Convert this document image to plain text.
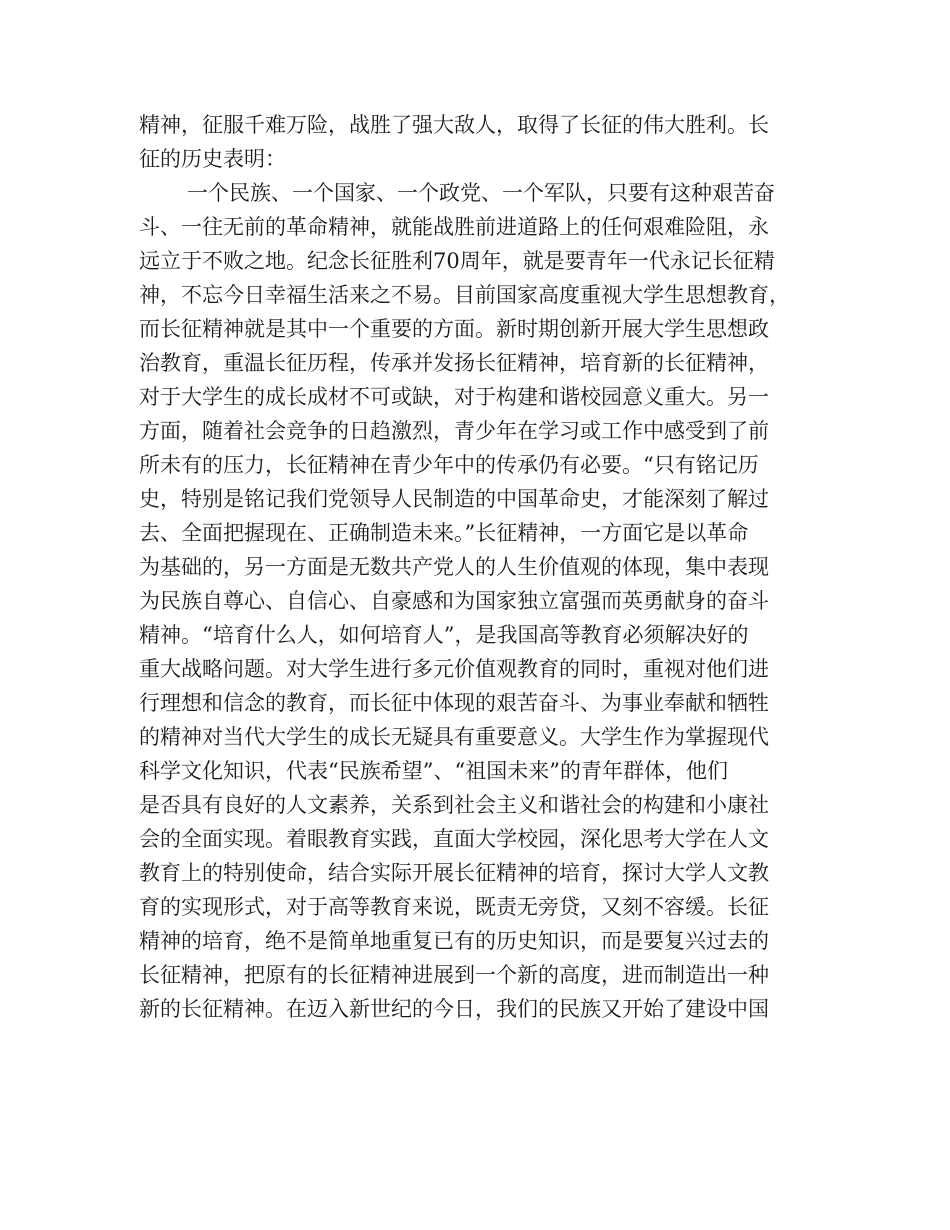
精神，征服千难万险，战胜了强大敌人，取得了长征的伟大胜利。长
征的历史表明：
一个民族、一个国家、一个政党、一个军队，只要有这种艰苦奋
斗、一往无前的革命精神，就能战胜前进道路上的任何艰难险阻，永
远立于不败之地。纪念长征胜利70周年，就是要青年一代永记长征精
神，不忘今日幸福生活来之不易。目前国家高度重视大学生思想教育，
而长征精神就是其中一个重要的方面。新时期创新开展大学生思想政
治教育，重温长征历程，传承并发扬长征精神，培育新的长征精神，
对于大学生的成长成材不可或缺，对于构建和谐校园意义重大。另一
方面，随着社会竞争的日趋激烈，青少年在学习或工作中感受到了前
所未有的压力，长征精神在青少年中的传承仍有必要。“只有铭记历
史，特别是铭记我们党领导人民制造的中国革命史，才能深刻了解过
去、全面把握现在、正确制造未来。”长征精神，一方面它是以革命
为基础的，另一方面是无数共产党人的人生价值观的体现，集中表现
为民族自尊心、自信心、自豪感和为国家独立富强而英勇献身的奋斗
精神。“培育什么人，如何培育人”，是我国高等教育必须解决好的
重大战略问题。对大学生进行多元价值观教育的同时，重视对他们进
行理想和信念的教育，而长征中体现的艰苦奋斗、为事业奉献和牺牲
的精神对当代大学生的成长无疑具有重要意义。大学生作为掌握现代
科学文化知识，代表“民族希望”、“祖国未来”的青年群体，他们
是否具有良好的人文素养，关系到社会主义和谐社会的构建和小康社
会的全面实现。着眼教育实践，直面大学校园，深化思考大学在人文
教育上的特别使命，结合实际开展长征精神的培育，探讨大学人文教
育的实现形式，对于高等教育来说，既责无旁贷，又刻不容缓。长征
精神的培育，绝不是简单地重复已有的历史知识，而是要复兴过去的
长征精神，把原有的长征精神进展到一个新的高度，进而制造出一种
新的长征精神。在迈入新世纪的今日，我们的民族又开始了建设中国
